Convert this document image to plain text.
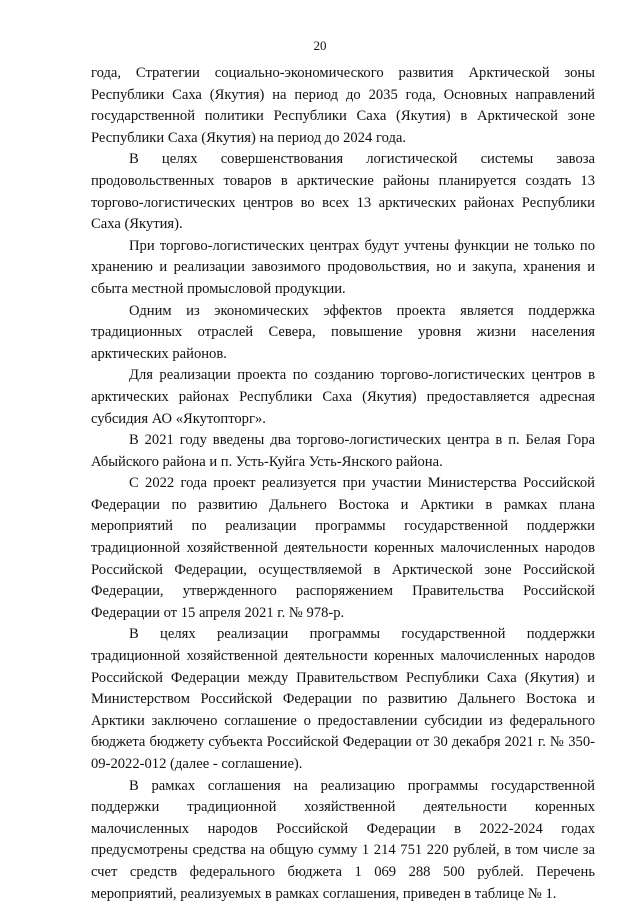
20

года, Стратегии социально-экономического развития Арктической зоны Республики Саха (Якутия) на период до 2035 года, Основных направлений государственной политики Республики Саха (Якутия) в Арктической зоне Республики Саха (Якутия) на период до 2024 года.

В целях совершенствования логистической системы завоза продовольственных товаров в арктические районы планируется создать 13 торгово-логистических центров во всех 13 арктических районах Республики Саха (Якутия).

При торгово-логистических центрах будут учтены функции не только по хранению и реализации завозимого продовольствия, но и закупа, хранения и сбыта местной промысловой продукции.

Одним из экономических эффектов проекта является поддержка традиционных отраслей Севера, повышение уровня жизни населения арктических районов.

Для реализации проекта по созданию торгово-логистических центров в арктических районах Республики Саха (Якутия) предоставляется адресная субсидия АО «Якутопторг».

В 2021 году введены два торгово-логистических центра в п. Белая Гора Абыйского района и п. Усть-Куйга Усть-Янского района.

С 2022 года проект реализуется при участии Министерства Российской Федерации по развитию Дальнего Востока и Арктики в рамках плана мероприятий по реализации программы государственной поддержки традиционной хозяйственной деятельности коренных малочисленных народов Российской Федерации, осуществляемой в Арктической зоне Российской Федерации, утвержденного распоряжением Правительства Российской Федерации от 15 апреля 2021 г. № 978-р.

В целях реализации программы государственной поддержки традиционной хозяйственной деятельности коренных малочисленных народов Российской Федерации между Правительством Республики Саха (Якутия) и Министерством Российской Федерации по развитию Дальнего Востока и Арктики заключено соглашение о предоставлении субсидии из федерального бюджета бюджету субъекта Российской Федерации от 30 декабря 2021 г. № 350-09-2022-012 (далее - соглашение).

В рамках соглашения на реализацию программы государственной поддержки традиционной хозяйственной деятельности коренных малочисленных народов Российской Федерации в 2022-2024 годах предусмотрены средства на общую сумму 1 214 751 220 рублей, в том числе за счет средств федерального бюджета 1 069 288 500 рублей. Перечень мероприятий, реализуемых в рамках соглашения, приведен в таблице № 1.
